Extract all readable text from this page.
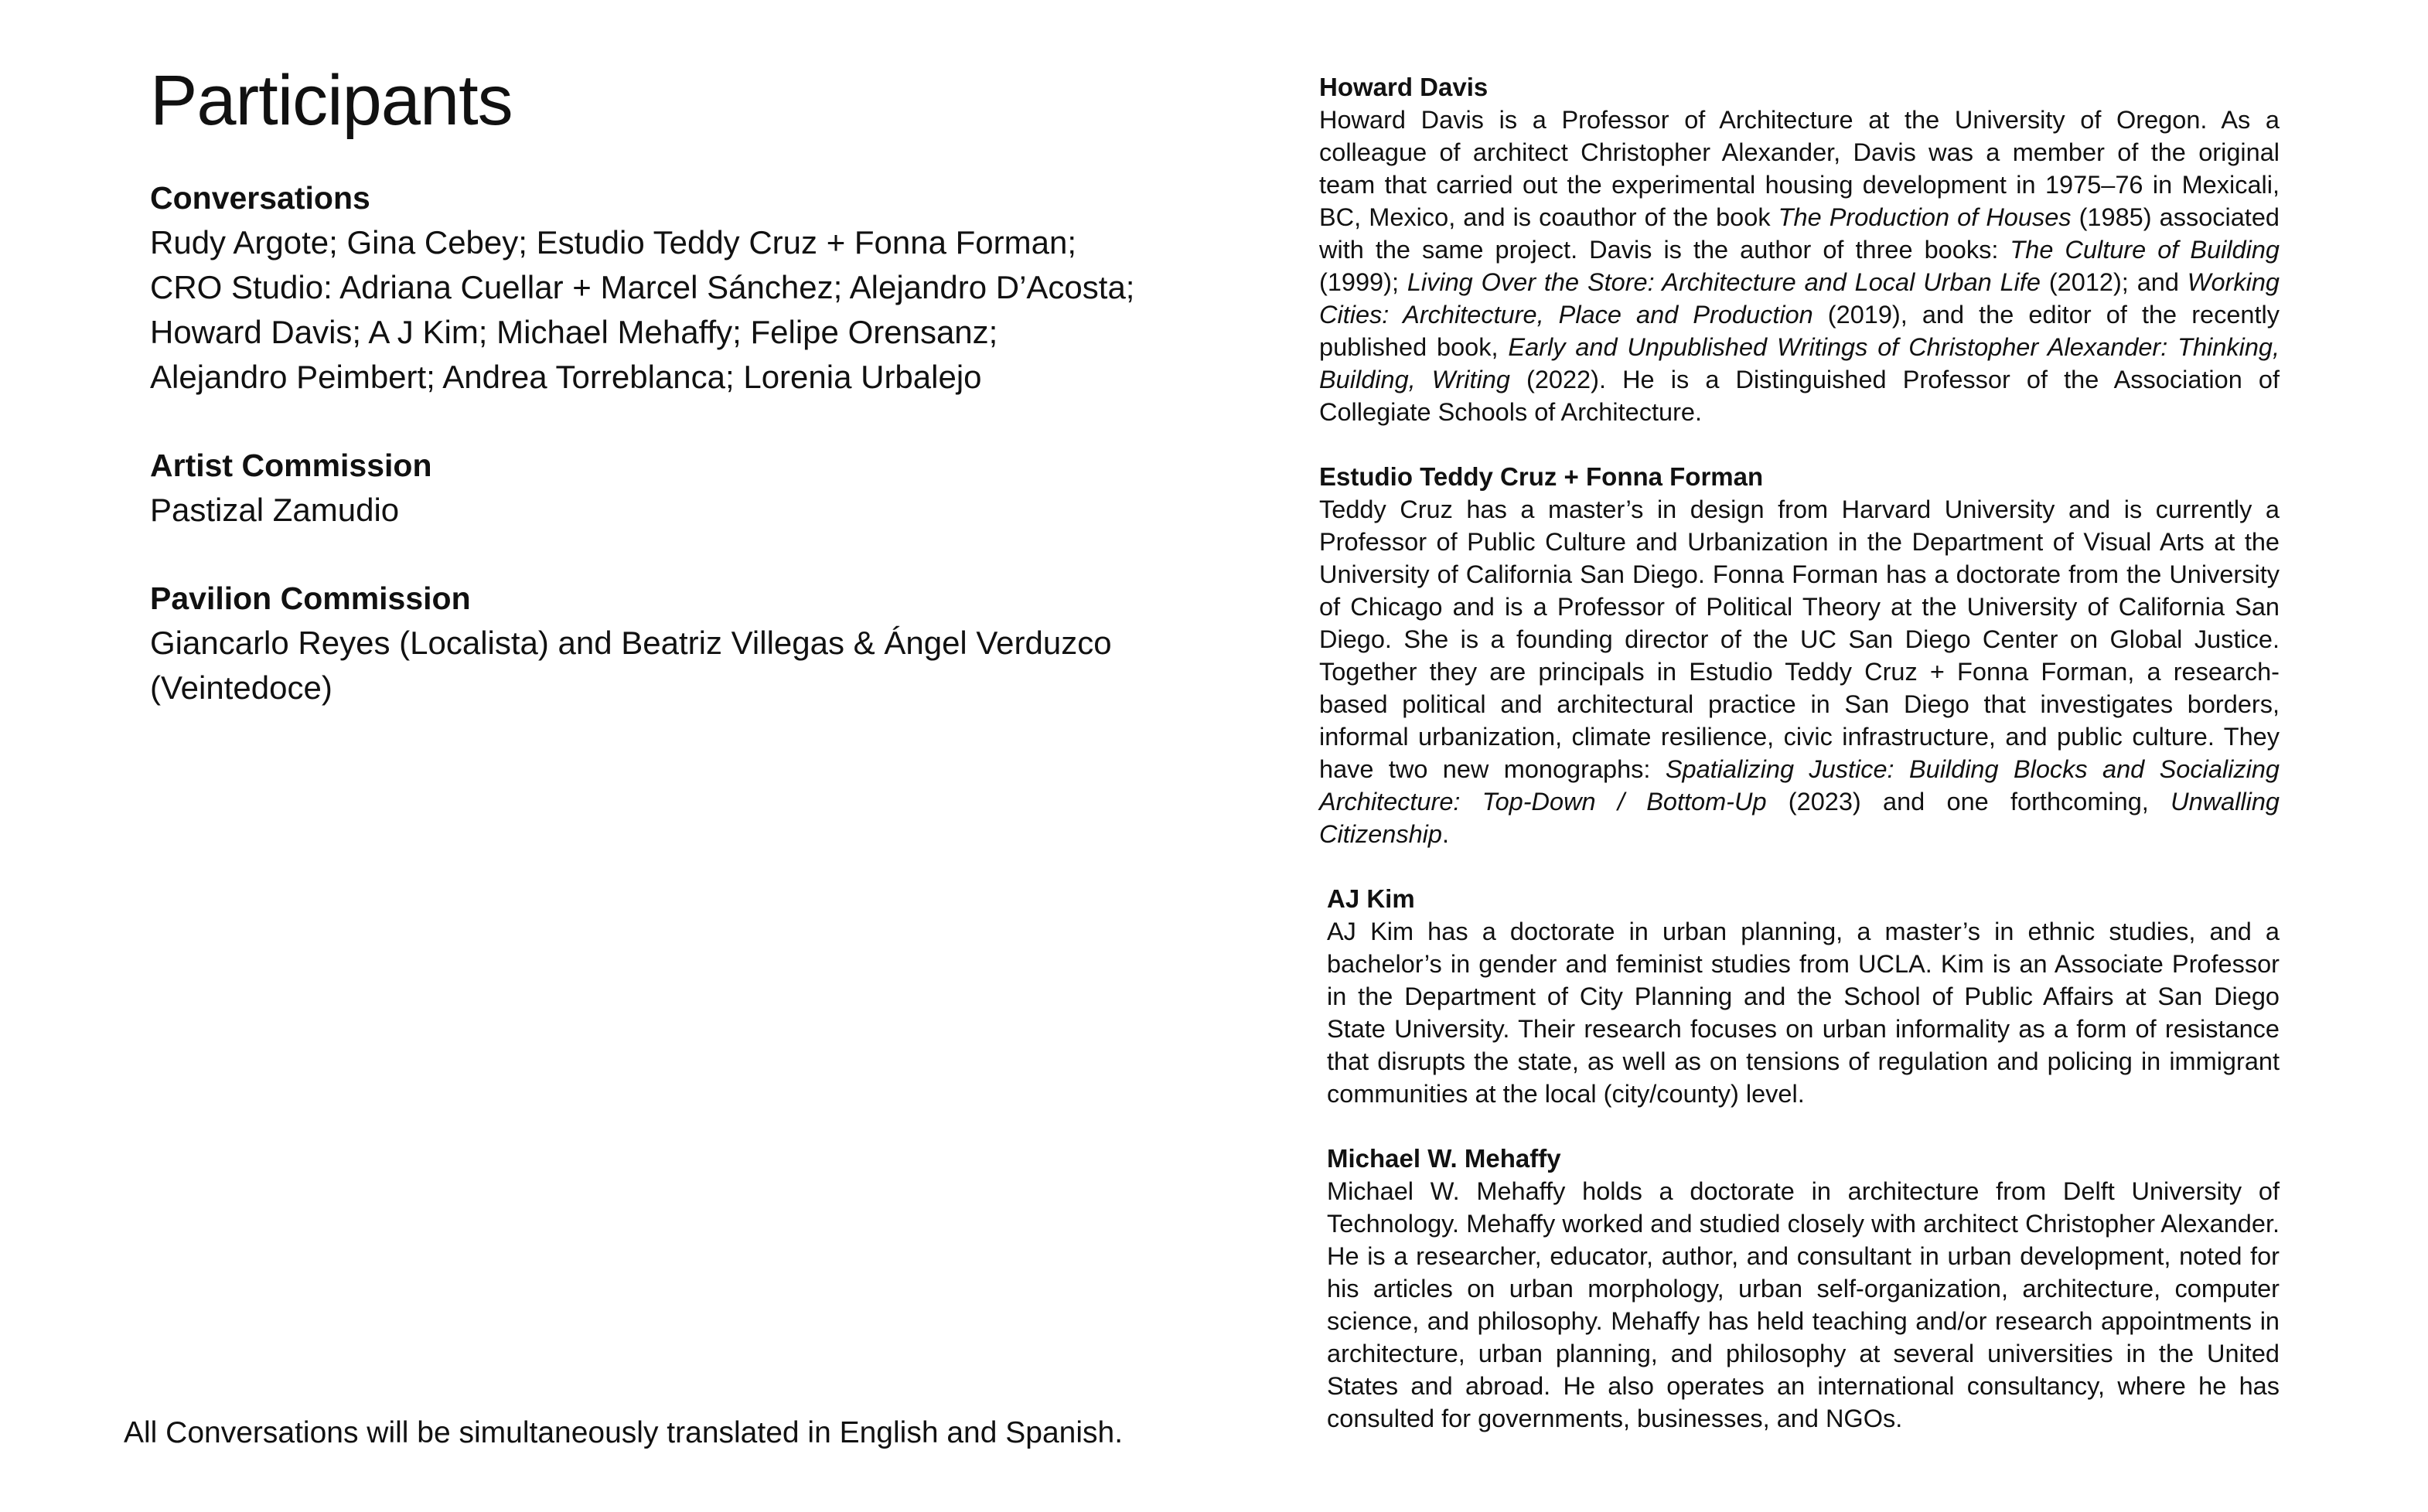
Participants

Conversations

Rudy Argote; Gina Cebey; Estudio Teddy Cruz + Fonna Forman;

CRO Studio: Adriana Cuellar + Marcel Sánchez; Alejandro D’Acosta;

Howard Davis; A J Kim; Michael Mehaffy; Felipe Orensanz;

Alejandro Peimbert; Andrea Torreblanca; Lorenia Urbalejo

Artist Commission

Pastizal Zamudio

Pavilion Commission

Giancarlo Reyes (Localista) and Beatriz Villegas & Ángel Verduzco

(Veintedoce)

All Conversations will be simultaneously translated in English and Spanish.

Howard Davis

Howard Davis is a Professor of Architecture at the University of Oregon. As a colleague of architect Christopher Alexander, Davis was a member of the original team that carried out the experimental housing development in 1975–76 in Mexicali, BC, Mexico, and is coauthor of the book The Production of Houses (1985) associated with the same project. Davis is the author of three books: The Culture of Building (1999); Living Over the Store: Architecture and Local Urban Life (2012); and Working Cities: Architecture, Place and Production (2019), and the editor of the recently published book, Early and Unpublished Writings of Christopher Alexander: Thinking, Building, Writing (2022). He is a Distinguished Professor of the Association of Collegiate Schools of Architecture.

Estudio Teddy Cruz + Fonna Forman

Teddy Cruz has a master’s in design from Harvard University and is currently a Professor of Public Culture and Urbanization in the Department of Visual Arts at the University of California San Diego. Fonna Forman has a doctorate from the University of Chicago and is a Professor of Political Theory at the University of California San Diego. She is a founding director of the UC San Diego Center on Global Justice. Together they are principals in Estudio Teddy Cruz + Fonna Forman, a research-based political and architectural practice in San Diego that investigates borders, informal urbanization, climate resilience, civic infrastructure, and public culture. They have two new monographs: Spatializing Justice: Building Blocks and Socializing Architecture: Top-Down / Bottom-Up (2023) and one forthcoming, Unwalling Citizenship.

AJ Kim

AJ Kim has a doctorate in urban planning, a master’s in ethnic studies, and a bachelor’s in gender and feminist studies from UCLA. Kim is an Associate Professor in the Department of City Planning and the School of Public Affairs at San Diego State University. Their research focuses on urban informality as a form of resistance that disrupts the state, as well as on tensions of regulation and policing in immigrant communities at the local (city/county) level.

Michael W. Mehaffy

Michael W. Mehaffy holds a doctorate in architecture from Delft University of Technology. Mehaffy worked and studied closely with architect Christopher Alexander. He is a researcher, educator, author, and consultant in urban development, noted for his articles on urban morphology, urban self-organization, architecture, computer science, and philosophy. Mehaffy has held teaching and/or research appointments in architecture, urban planning, and philosophy at several universities in the United States and abroad. He also operates an international consultancy, where he has consulted for governments, businesses, and NGOs.
